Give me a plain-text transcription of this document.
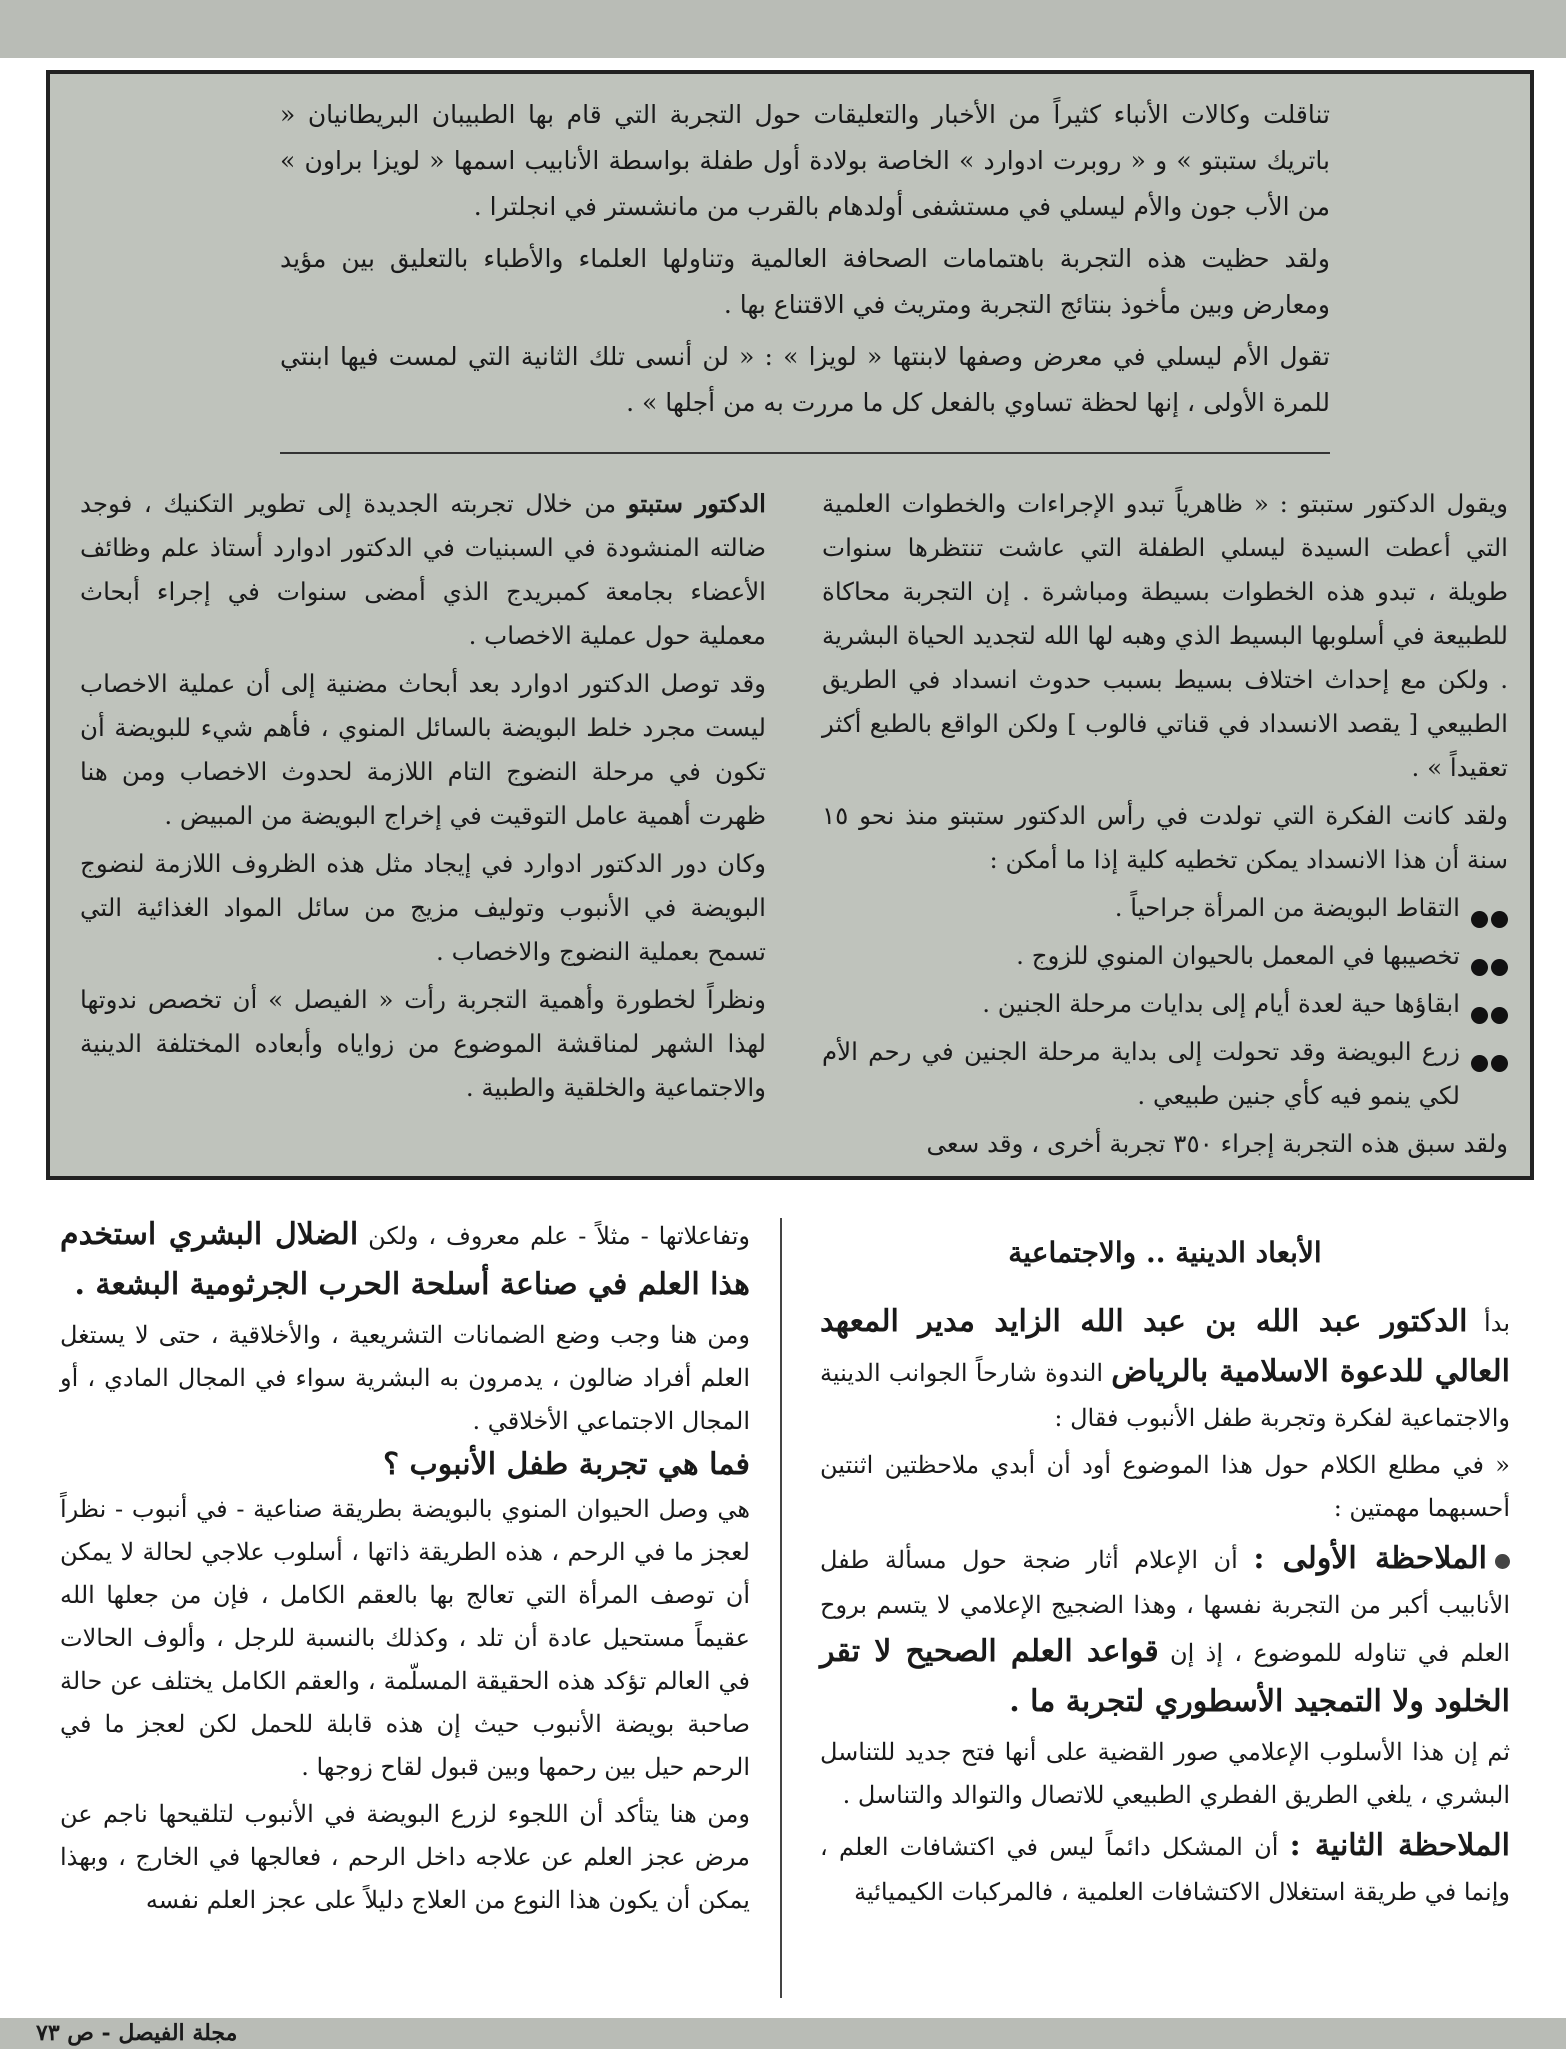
تناقلت وكالات الأنباء كثيراً من الأخبار والتعليقات حول التجربة التي قام بها الطبيبان البريطانيان « باتريك ستبتو » و « روبرت ادوارد » الخاصة بولادة أول طفلة بواسطة الأنابيب اسمها « لويزا براون » من الأب جون والأم ليسلي في مستشفى أولدهام بالقرب من مانشستر في انجلترا .

ولقد حظيت هذه التجربة باهتمامات الصحافة العالمية وتناولها العلماء والأطباء بالتعليق بين مؤيد ومعارض وبين مأخوذ بنتائج التجربة ومتريث في الاقتناع بها .

تقول الأم ليسلي في معرض وصفها لابنتها « لويزا » : « لن أنسى تلك الثانية التي لمست فيها ابنتي للمرة الأولى ، إنها لحظة تساوي بالفعل كل ما مررت به من أجلها » .

ويقول الدكتور ستبتو : « ظاهرياً تبدو الإجراءات والخطوات العلمية التي أعطت السيدة ليسلي الطفلة التي عاشت تنتظرها سنوات طويلة ، تبدو هذه الخطوات بسيطة ومباشرة . إن التجربة محاكاة للطبيعة في أسلوبها البسيط الذي وهبه لها الله لتجديد الحياة البشرية . ولكن مع إحداث اختلاف بسيط بسبب حدوث انسداد في الطريق الطبيعي [ يقصد الانسداد في قناتي فالوب ] ولكن الواقع بالطبع أكثر تعقيداً » .

ولقد كانت الفكرة التي تولدت في رأس الدكتور ستبتو منذ نحو ١٥ سنة أن هذا الانسداد يمكن تخطيه كلية إذا ما أمكن :

التقاط البويضة من المرأة جراحياً .
تخصيبها في المعمل بالحيوان المنوي للزوج .
ابقاؤها حية لعدة أيام إلى بدايات مرحلة الجنين .
زرع البويضة وقد تحولت إلى بداية مرحلة الجنين في رحم الأم لكي ينمو فيه كأي جنين طبيعي .

ولقد سبق هذه التجربة إجراء ٣٥٠ تجربة أخرى ، وقد سعى

الدكتور ستبتو من خلال تجربته الجديدة إلى تطوير التكنيك ، فوجد ضالته المنشودة في السبنيات في الدكتور ادوارد أستاذ علم وظائف الأعضاء بجامعة كمبريدج الذي أمضى سنوات في إجراء أبحاث معملية حول عملية الاخصاب .

وقد توصل الدكتور ادوارد بعد أبحاث مضنية إلى أن عملية الاخصاب ليست مجرد خلط البويضة بالسائل المنوي ، فأهم شيء للبويضة أن تكون في مرحلة النضوج التام اللازمة لحدوث الاخصاب ومن هنا ظهرت أهمية عامل التوقيت في إخراج البويضة من المبيض .

وكان دور الدكتور ادوارد في إيجاد مثل هذه الظروف اللازمة لنضوج البويضة في الأنبوب وتوليف مزيج من سائل المواد الغذائية التي تسمح بعملية النضوج والاخصاب .

ونظراً لخطورة وأهمية التجربة رأت « الفيصل » أن تخصص ندوتها لهذا الشهر لمناقشة الموضوع من زواياه وأبعاده المختلفة الدينية والاجتماعية والخلقية والطبية .

الأبعاد الدينية .. والاجتماعية

بدأ الدكتور عبد الله بن عبد الله الزايد مدير المعهد العالي للدعوة الاسلامية بالرياض الندوة شارحاً الجوانب الدينية والاجتماعية لفكرة وتجربة طفل الأنبوب فقال :

« في مطلع الكلام حول هذا الموضوع أود أن أبدي ملاحظتين اثنتين أحسبهما مهمتين :

الملاحظة الأولى : أن الإعلام أثار ضجة حول مسألة طفل الأنابيب أكبر من التجربة نفسها ، وهذا الضجيج الإعلامي لا يتسم بروح العلم في تناوله للموضوع ، إذ إن قواعد العلم الصحيح لا تقر الخلود ولا التمجيد الأسطوري لتجربة ما .

ثم إن هذا الأسلوب الإعلامي صور القضية على أنها فتح جديد للتناسل البشري ، يلغي الطريق الفطري الطبيعي للاتصال والتوالد والتناسل .

الملاحظة الثانية : أن المشكل دائماً ليس في اكتشافات العلم ، وإنما في طريقة استغلال الاكتشافات العلمية ، فالمركبات الكيميائية

وتفاعلاتها - مثلاً - علم معروف ، ولكن الضلال البشري استخدم هذا العلم في صناعة أسلحة الحرب الجرثومية البشعة .

ومن هنا وجب وضع الضمانات التشريعية ، والأخلاقية ، حتى لا يستغل العلم أفراد ضالون ، يدمرون به البشرية سواء في المجال المادي ، أو المجال الاجتماعي الأخلاقي .

فما هي تجربة طفل الأنبوب ؟

هي وصل الحيوان المنوي بالبويضة بطريقة صناعية - في أنبوب - نظراً لعجز ما في الرحم ، هذه الطريقة ذاتها ، أسلوب علاجي لحالة لا يمكن أن توصف المرأة التي تعالج بها بالعقم الكامل ، فإن من جعلها الله عقيماً مستحيل عادة أن تلد ، وكذلك بالنسبة للرجل ، وألوف الحالات في العالم تؤكد هذه الحقيقة المسلّمة ، والعقم الكامل يختلف عن حالة صاحبة بويضة الأنبوب حيث إن هذه قابلة للحمل لكن لعجز ما في الرحم حيل بين رحمها وبين قبول لقاح زوجها .

ومن هنا يتأكد أن اللجوء لزرع البويضة في الأنبوب لتلقيحها ناجم عن مرض عجز العلم عن علاجه داخل الرحم ، فعالجها في الخارج ، وبهذا يمكن أن يكون هذا النوع من العلاج دليلاً على عجز العلم نفسه

مجلة الفيصل - ص ٧٣
